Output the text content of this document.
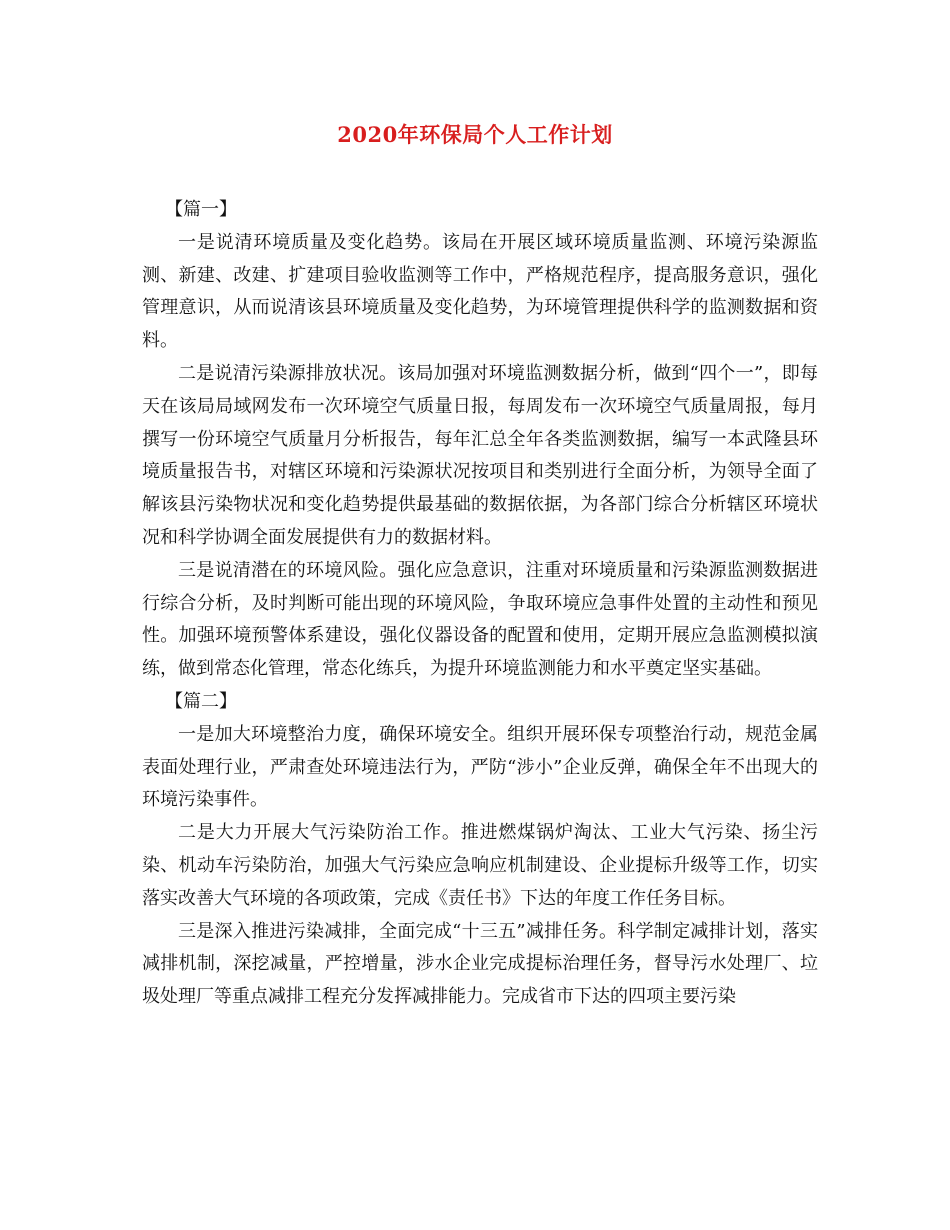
2020年环保局个人工作计划

【篇一】

一是说清环境质量及变化趋势。该局在开展区域环境质量监测、环境污染源监测、新建、改建、扩建项目验收监测等工作中，严格规范程序，提高服务意识，强化管理意识，从而说清该县环境质量及变化趋势，为环境管理提供科学的监测数据和资料。

二是说清污染源排放状况。该局加强对环境监测数据分析，做到“四个一”，即每天在该局局域网发布一次环境空气质量日报，每周发布一次环境空气质量周报，每月撰写一份环境空气质量月分析报告，每年汇总全年各类监测数据，编写一本武隆县环境质量报告书，对辖区环境和污染源状况按项目和类别进行全面分析，为领导全面了解该县污染物状况和变化趋势提供最基础的数据依据，为各部门综合分析辖区环境状况和科学协调全面发展提供有力的数据材料。

三是说清潜在的环境风险。强化应急意识，注重对环境质量和污染源监测数据进行综合分析，及时判断可能出现的环境风险，争取环境应急事件处置的主动性和预见性。加强环境预警体系建设，强化仪器设备的配置和使用，定期开展应急监测模拟演练，做到常态化管理，常态化练兵，为提升环境监测能力和水平奠定坚实基础。

【篇二】

一是加大环境整治力度，确保环境安全。组织开展环保专项整治行动，规范金属表面处理行业，严肃查处环境违法行为，严防“涉小”企业反弹，确保全年不出现大的环境污染事件。

二是大力开展大气污染防治工作。推进燃煤锅炉淘汰、工业大气污染、扬尘污染、机动车污染防治，加强大气污染应急响应机制建设、企业提标升级等工作，切实落实改善大气环境的各项政策，完成《责任书》下达的年度工作任务目标。

三是深入推进污染减排，全面完成“十三五”减排任务。科学制定减排计划，落实减排机制，深挖减量，严控增量，涉水企业完成提标治理任务，督导污水处理厂、垃圾处理厂等重点减排工程充分发挥减排能力。完成省市下达的四项主要污染
